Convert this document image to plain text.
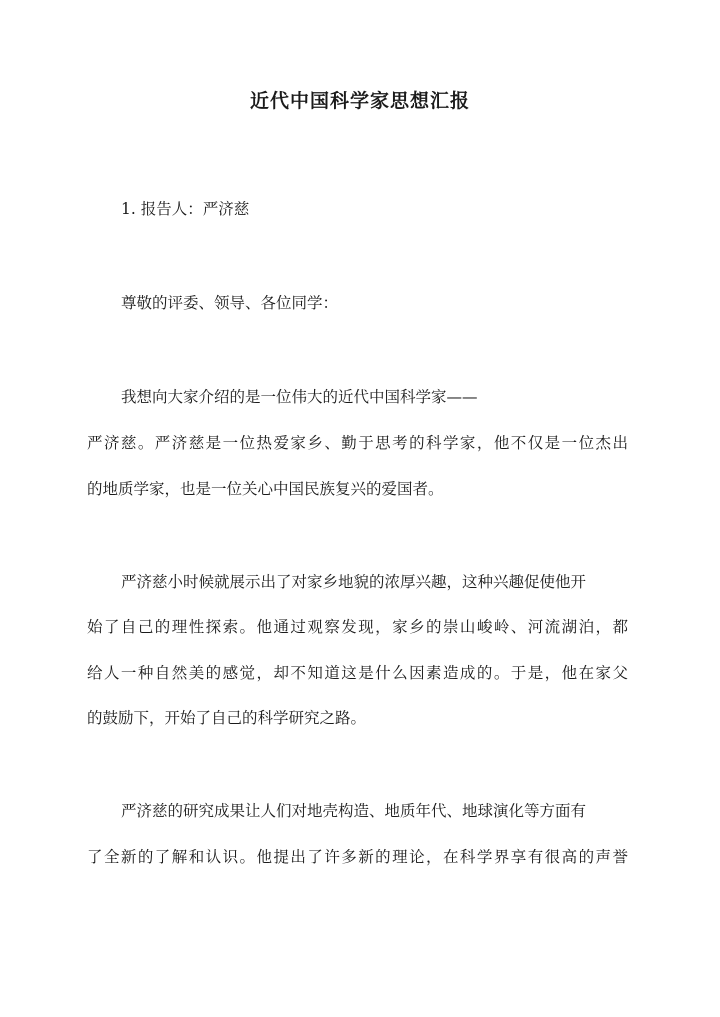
近代中国科学家思想汇报
1. 报告人：严济慈
尊敬的评委、领导、各位同学：
我想向大家介绍的是一位伟大的近代中国科学家——
严济慈。严济慈是一位热爱家乡、勤于思考的科学家，他不仅是一位杰出
的地质学家，也是一位关心中国民族复兴的爱国者。
严济慈小时候就展示出了对家乡地貌的浓厚兴趣，这种兴趣促使他开
始了自己的理性探索。他通过观察发现，家乡的崇山峻岭、河流湖泊，都
给人一种自然美的感觉，却不知道这是什么因素造成的。于是，他在家父
的鼓励下，开始了自己的科学研究之路。
严济慈的研究成果让人们对地壳构造、地质年代、地球演化等方面有
了全新的了解和认识。他提出了许多新的理论，在科学界享有很高的声誉
